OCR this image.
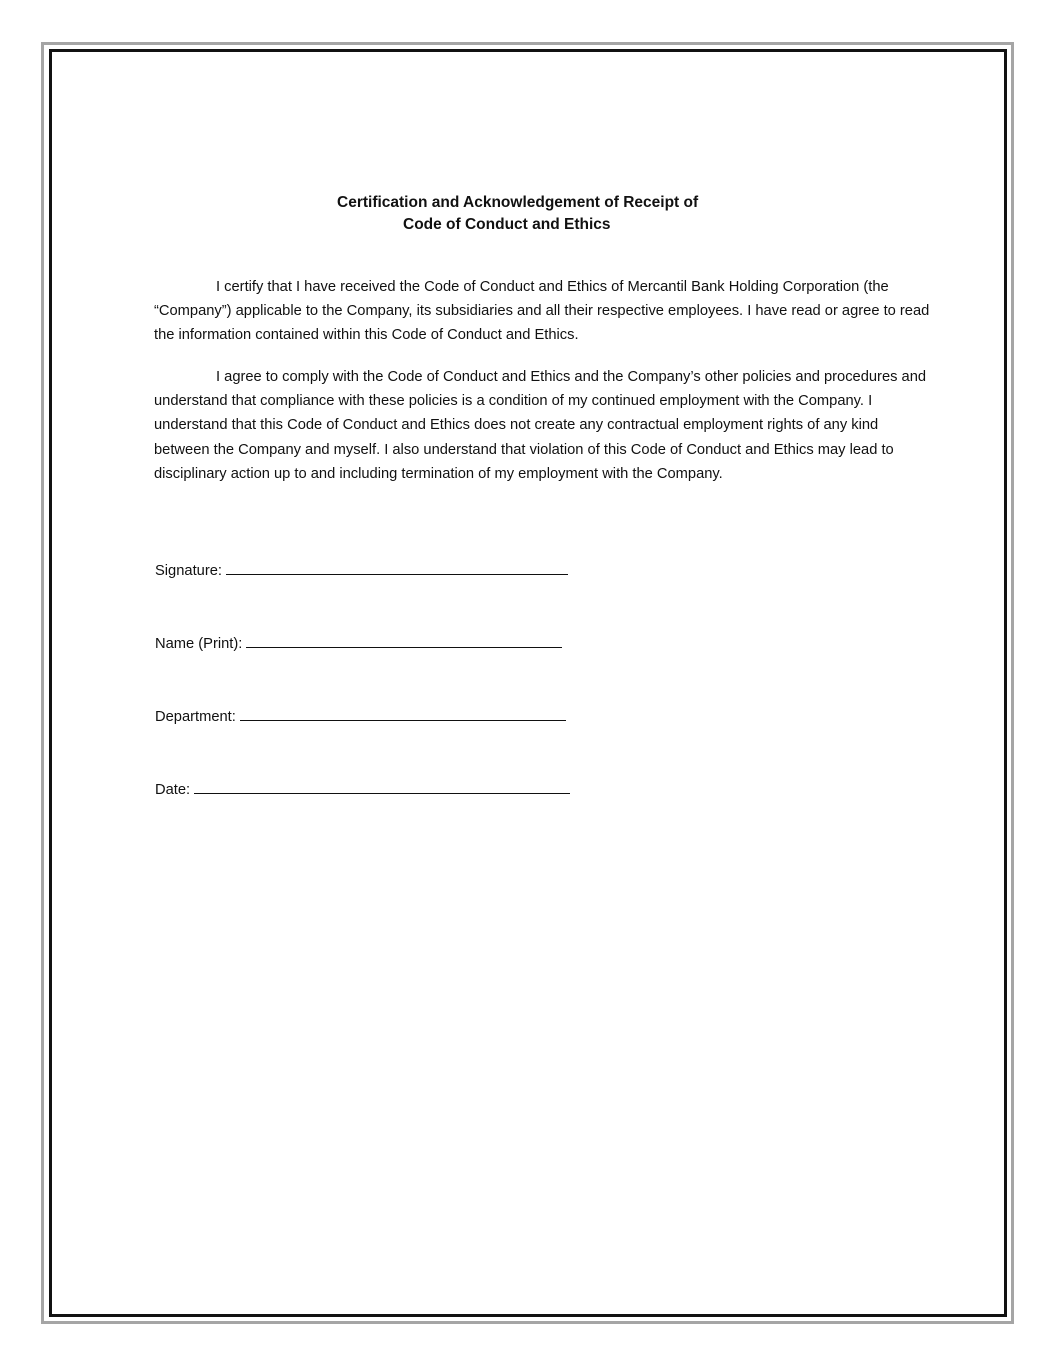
Certification and Acknowledgement of Receipt of
Code of Conduct and Ethics

I certify that I have received the Code of Conduct and Ethics of Mercantil Bank Holding Corporation (the “Company”) applicable to the Company, its subsidiaries and all their respective employees. I have read or agree to read the information contained within this Code of Conduct and Ethics.

I agree to comply with the Code of Conduct and Ethics and the Company’s other policies and procedures and understand that compliance with these policies is a condition of my continued employment with the Company. I understand that this Code of Conduct and Ethics does not create any contractual employment rights of any kind between the Company and myself. I also understand that violation of this Code of Conduct and Ethics may lead to disciplinary action up to and including termination of my employment with the Company.

Signature:
Name (Print):
Department:
Date:
